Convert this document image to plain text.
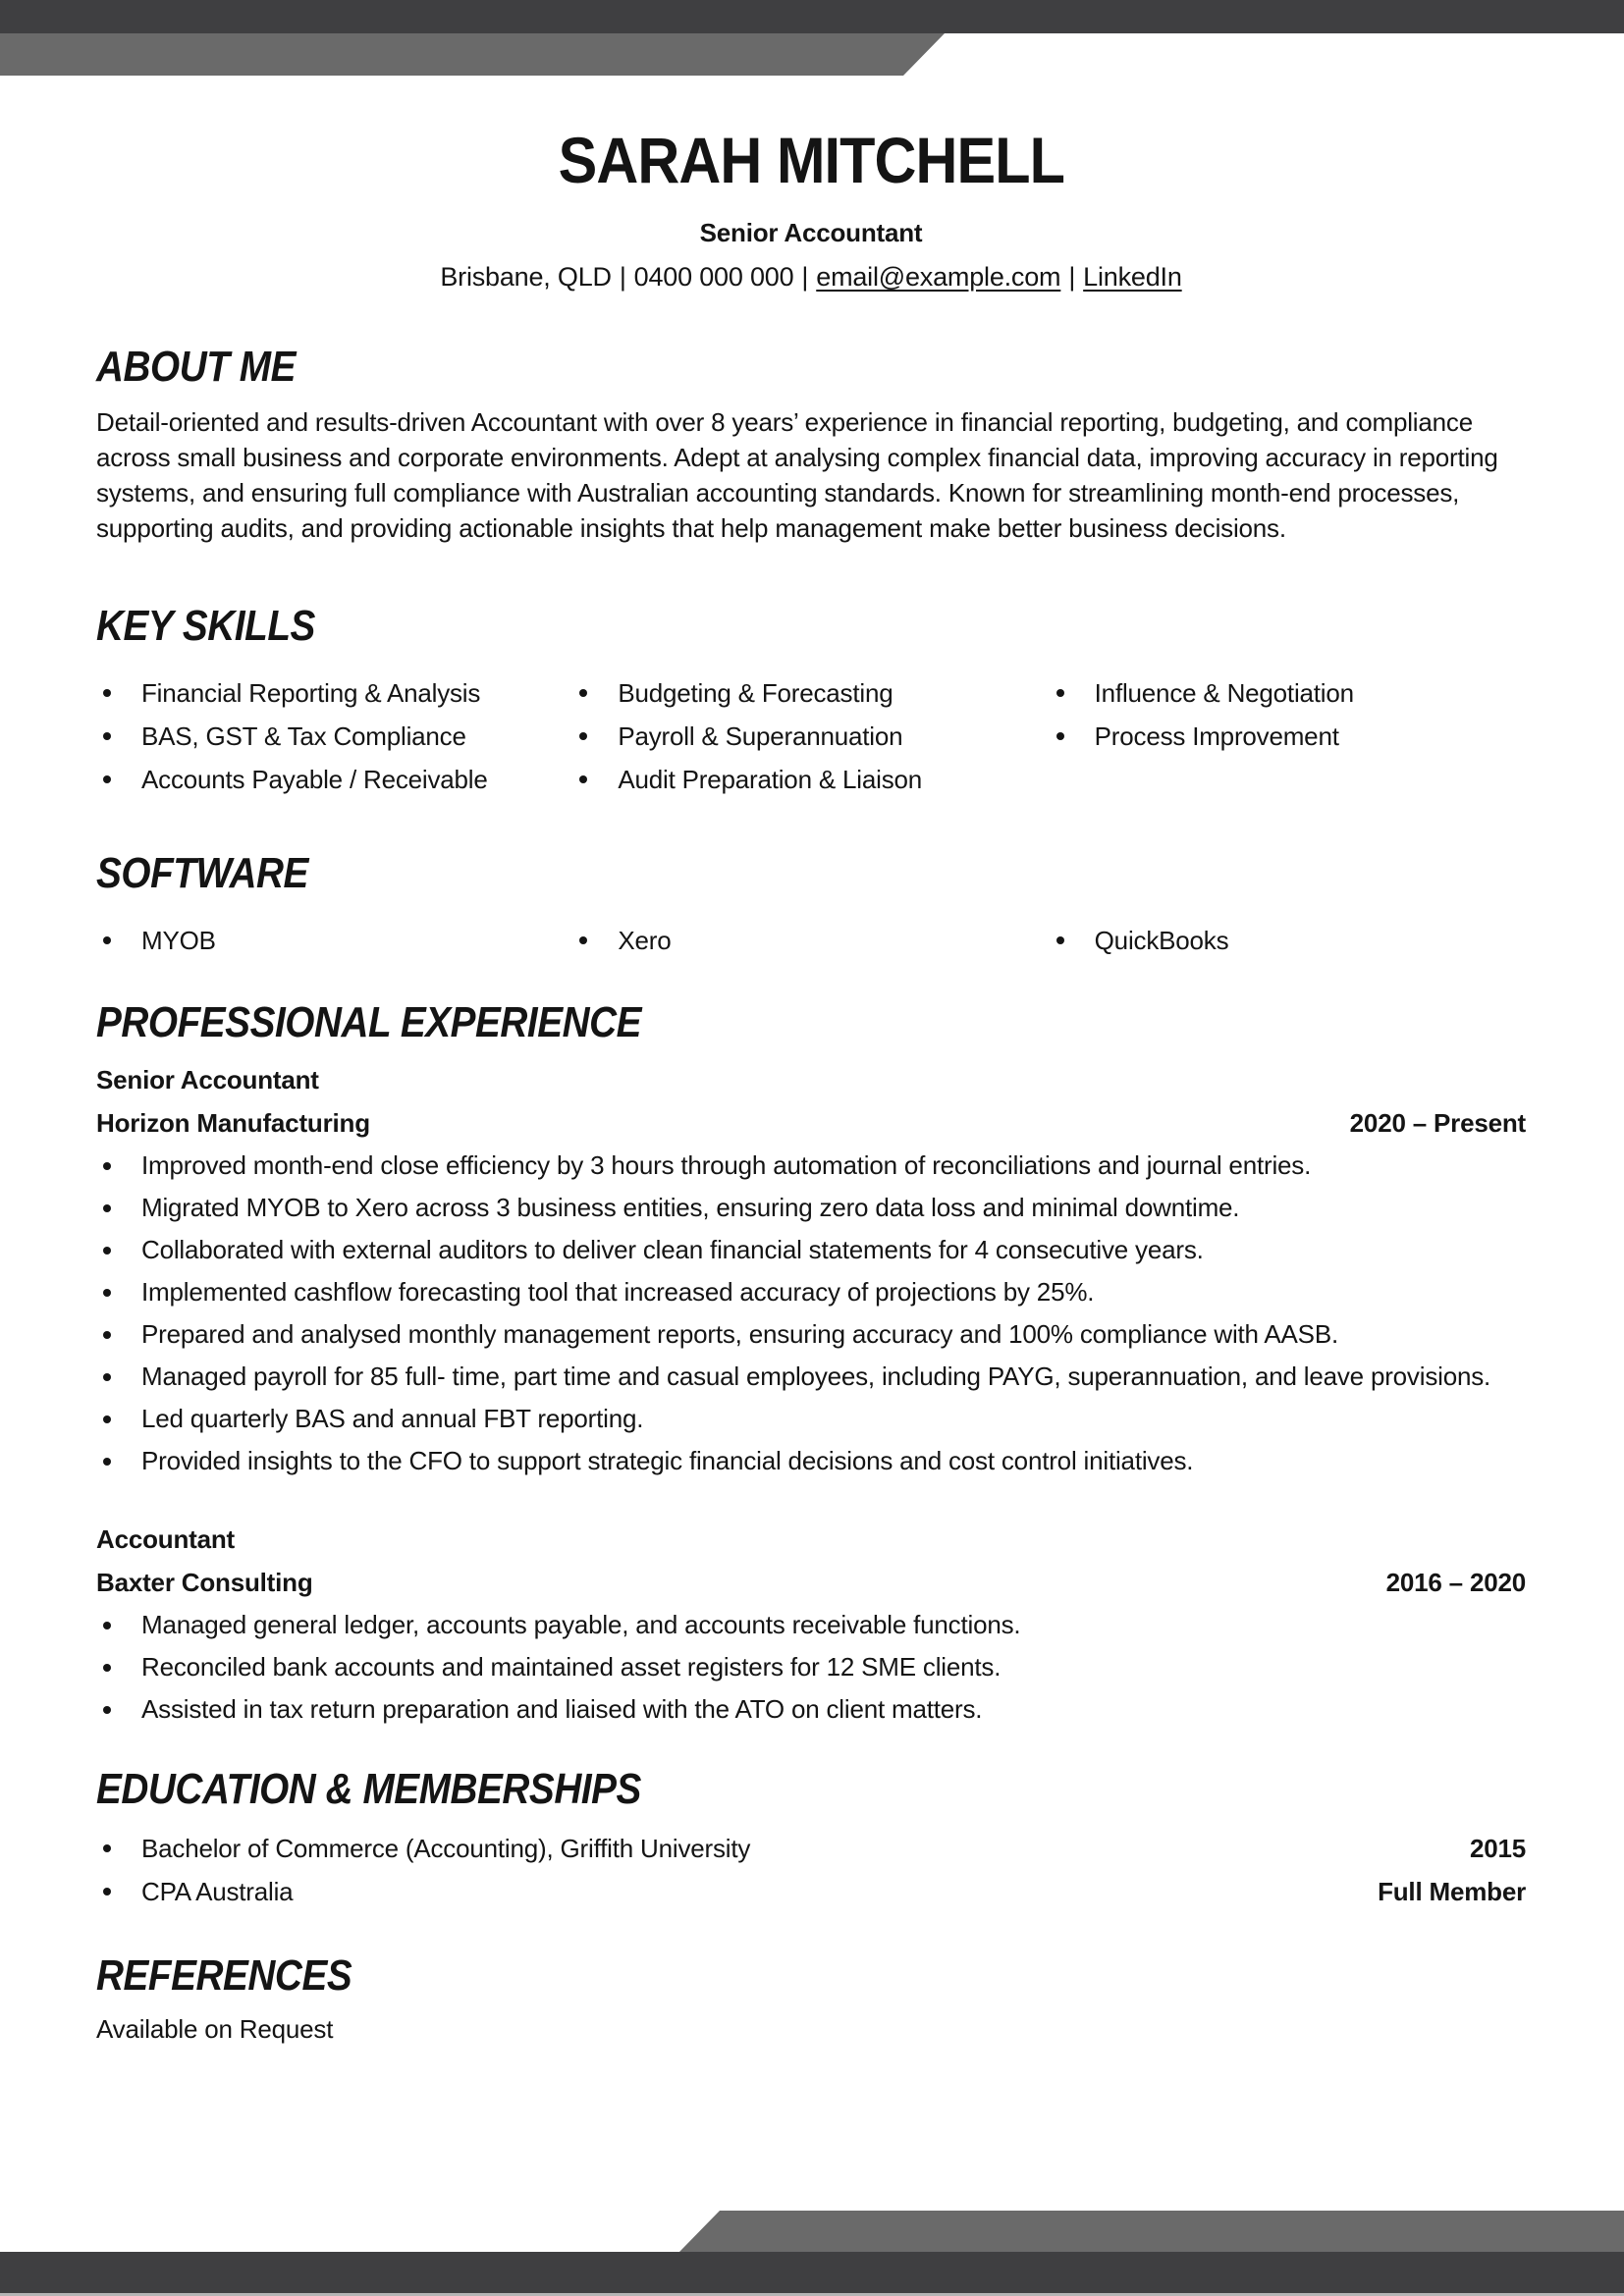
SARAH MITCHELL
Senior Accountant
Brisbane, QLD | 0400 000 000 | email@example.com | LinkedIn
ABOUT ME

Detail-oriented and results-driven Accountant with over 8 years’ experience in financial reporting, budgeting, and compliance across small business and corporate environments. Adept at analysing complex financial data, improving accuracy in reporting systems, and ensuring full compliance with Australian accounting standards. Known for streamlining month-end processes, supporting audits, and providing actionable insights that help management make better business decisions.

KEY SKILLS
Financial Reporting & Analysis
BAS, GST & Tax Compliance
Accounts Payable / Receivable
Budgeting & Forecasting
Payroll & Superannuation
Audit Preparation & Liaison
Influence & Negotiation
Process Improvement
SOFTWARE
MYOB	Xero	QuickBooks
PROFESSIONAL EXPERIENCE
Senior Accountant
Horizon Manufacturing	2020 – Present
Improved month-end close efficiency by 3 hours through automation of reconciliations and journal entries.
Migrated MYOB to Xero across 3 business entities, ensuring zero data loss and minimal downtime.
Collaborated with external auditors to deliver clean financial statements for 4 consecutive years.
Implemented cashflow forecasting tool that increased accuracy of projections by 25%.
Prepared and analysed monthly management reports, ensuring accuracy and 100% compliance with AASB.
Managed payroll for 85 full- time, part time and casual employees, including PAYG, superannuation, and leave provisions.
Led quarterly BAS and annual FBT reporting.
Provided insights to the CFO to support strategic financial decisions and cost control initiatives.
Accountant
Baxter Consulting	2016 – 2020
Managed general ledger, accounts payable, and accounts receivable functions.
Reconciled bank accounts and maintained asset registers for 12 SME clients.
Assisted in tax return preparation and liaised with the ATO on client matters.
EDUCATION & MEMBERSHIPS
Bachelor of Commerce (Accounting), Griffith University	2015
CPA Australia	Full Member
REFERENCES

Available on Request
